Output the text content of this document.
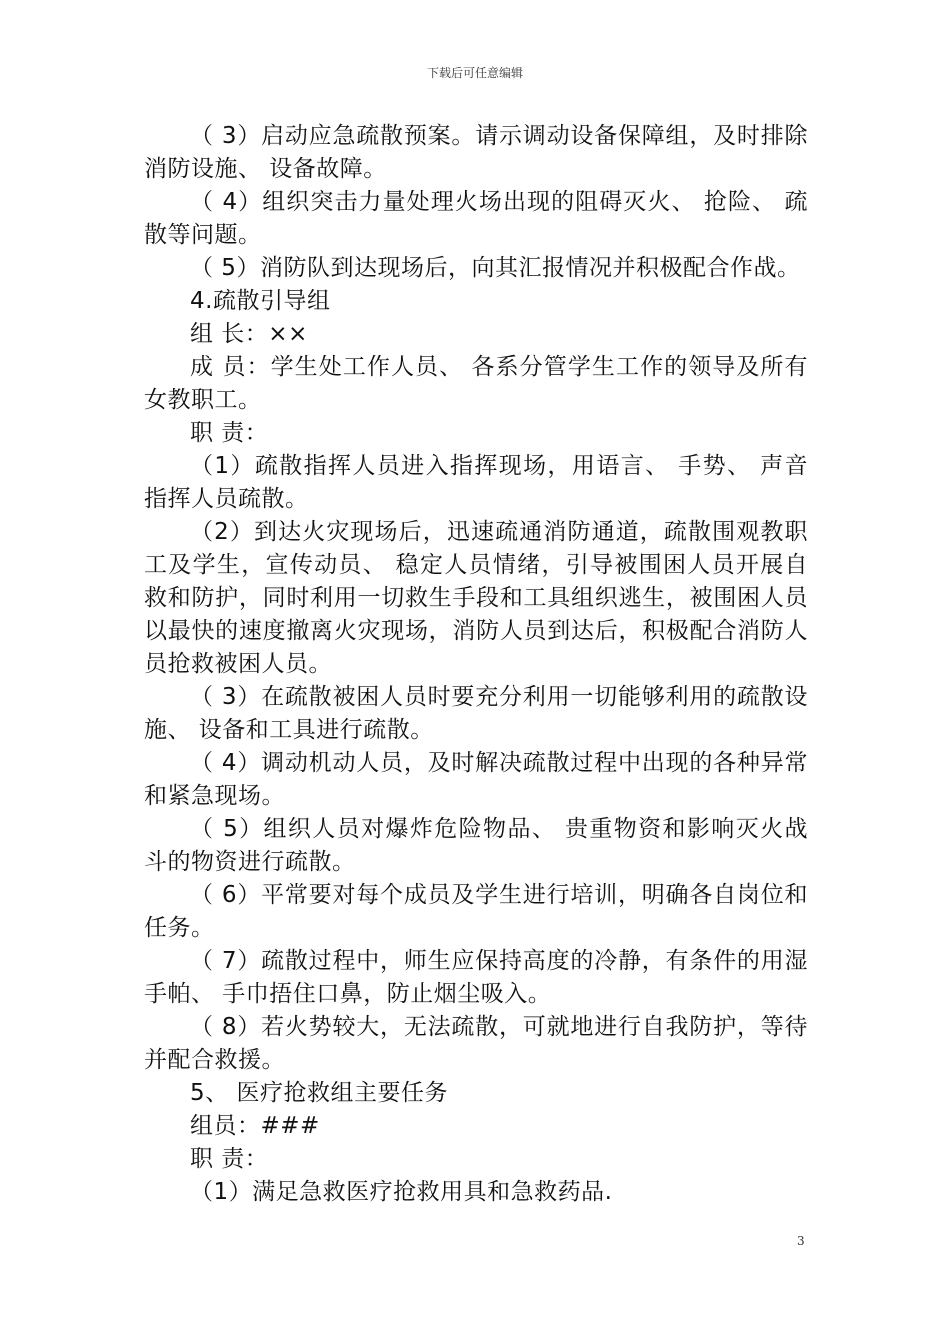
下载后可任意编辑

（ 3）启动应急疏散预案。请示调动设备保障组，及时排除消防设施、 设备故障。

（ 4）组织突击力量处理火场出现的阻碍灭火、 抢险、 疏散等问题。

（ 5）消防队到达现场后，向其汇报情况并积极配合作战。

4.疏散引导组

组 长：××

成 员：学生处工作人员、 各系分管学生工作的领导及所有女教职工。

职 责：

（1）疏散指挥人员进入指挥现场，用语言、 手势、 声音指挥人员疏散。

（2）到达火灾现场后，迅速疏通消防通道，疏散围观教职工及学生，宣传动员、 稳定人员情绪，引导被围困人员开展自救和防护，同时利用一切救生手段和工具组织逃生，被围困人员以最快的速度撤离火灾现场，消防人员到达后，积极配合消防人员抢救被困人员。

（ 3）在疏散被困人员时要充分利用一切能够利用的疏散设施、 设备和工具进行疏散。

（ 4）调动机动人员，及时解决疏散过程中出现的各种异常和紧急现场。

（ 5）组织人员对爆炸危险物品、 贵重物资和影响灭火战斗的物资进行疏散。

（ 6）平常要对每个成员及学生进行培训，明确各自岗位和任务。

（ 7）疏散过程中，师生应保持高度的冷静，有条件的用湿手帕、 手巾捂住口鼻，防止烟尘吸入。

（ 8）若火势较大，无法疏散，可就地进行自我防护，等待并配合救援。

5、 医疗抢救组主要任务

组员：###

职 责：

（1）满足急救医疗抢救用具和急救药品.

3
